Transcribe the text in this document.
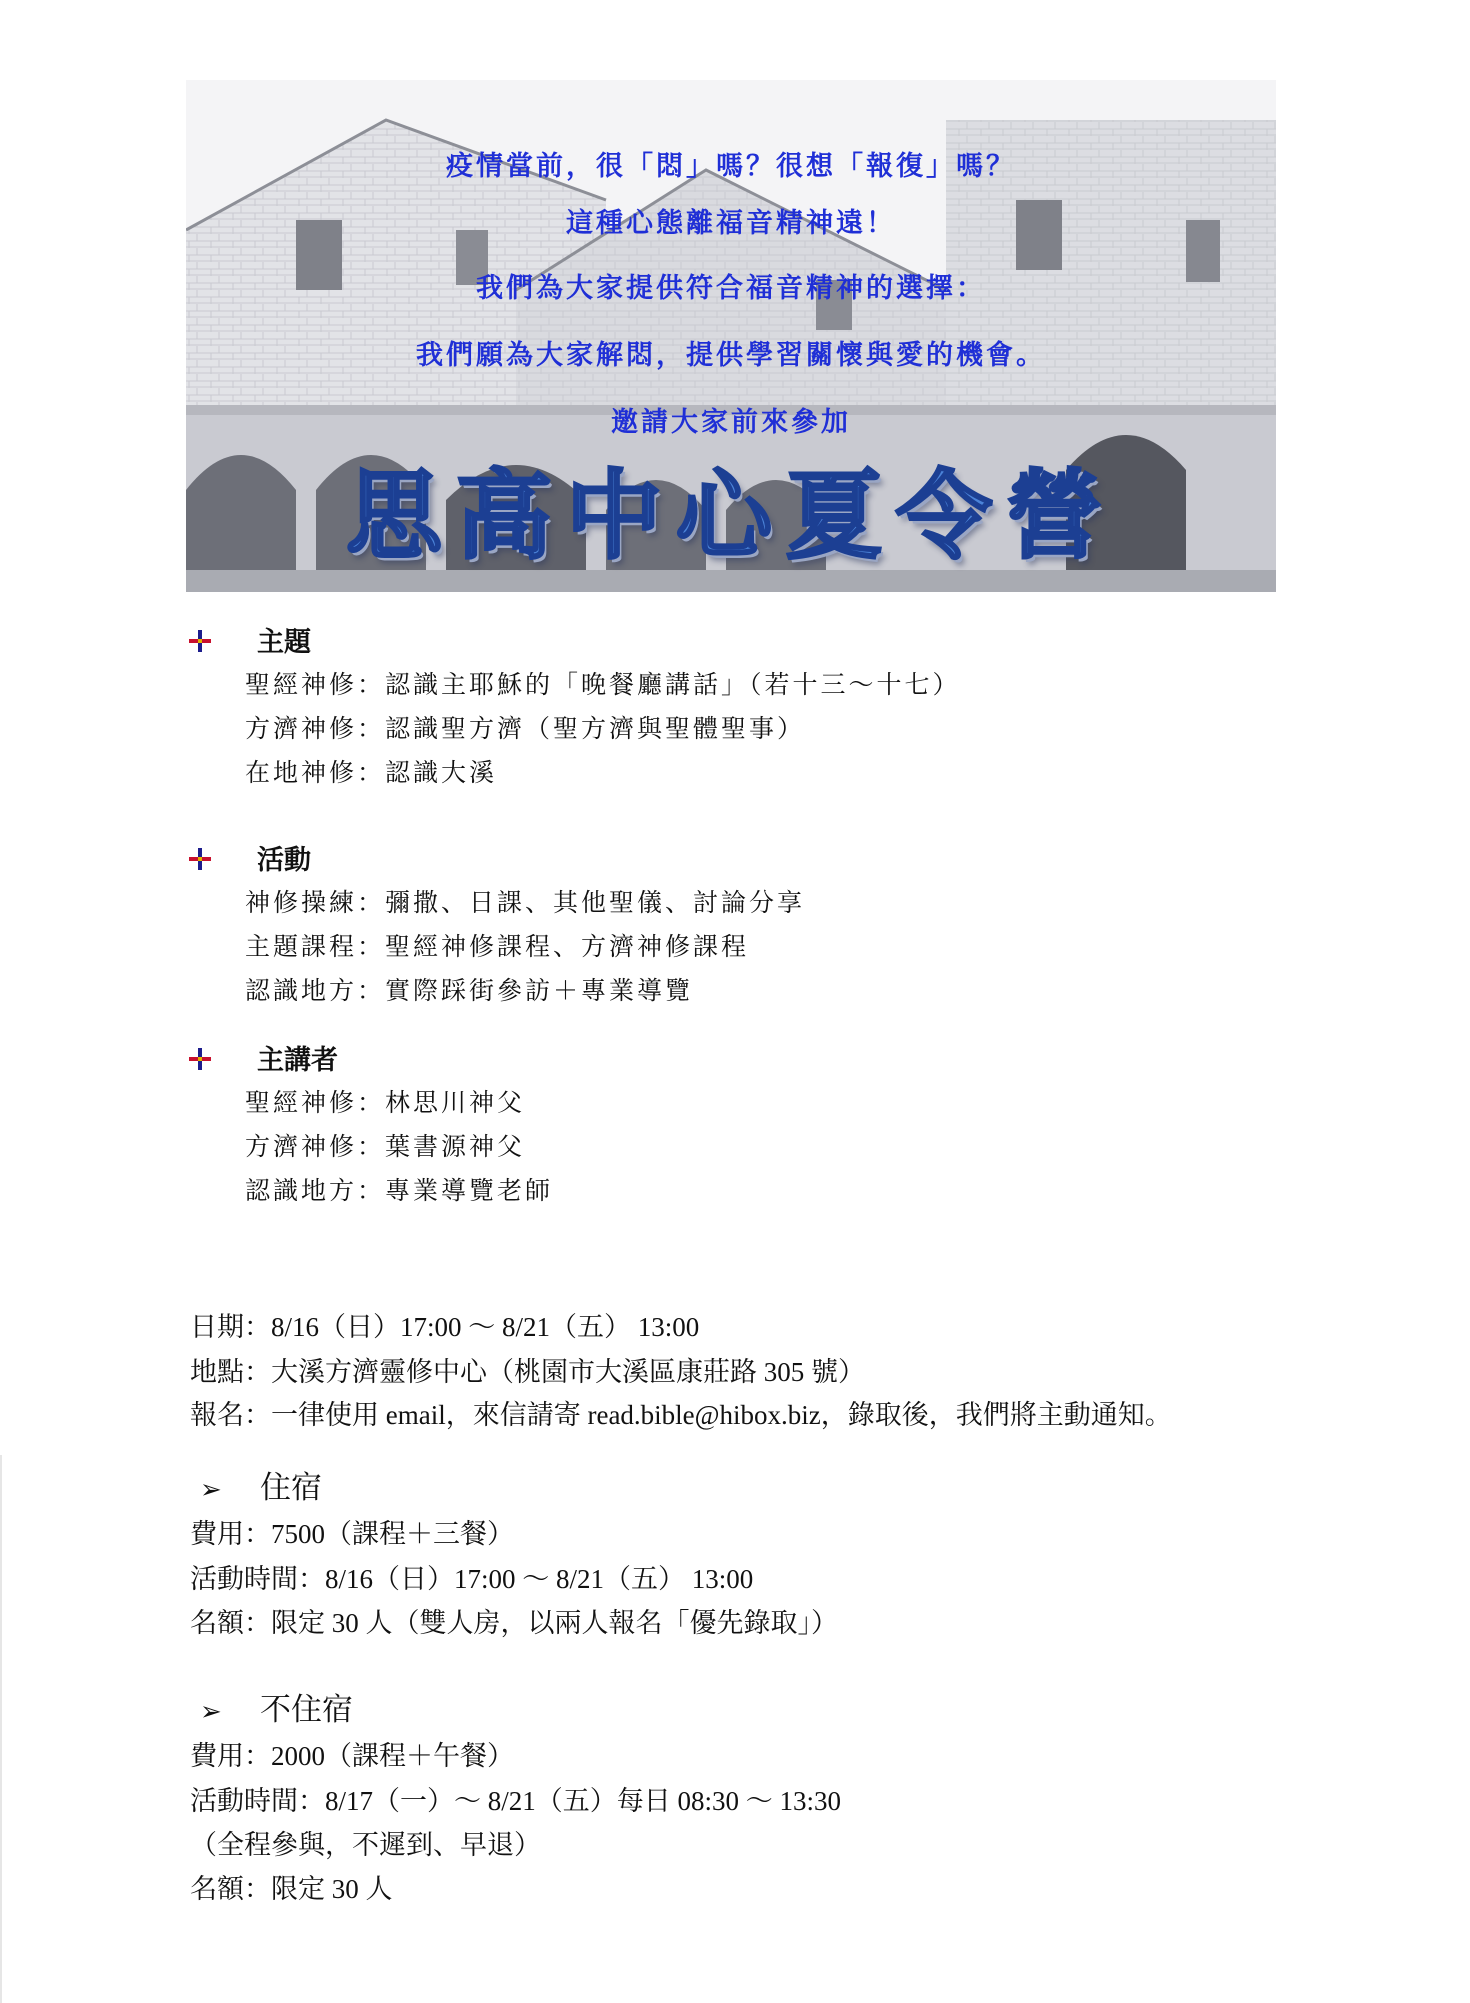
疫情當前，很「悶」嗎？很想「報復」嗎？
這種心態離福音精神遠！
我們為大家提供符合福音精神的選擇：
我們願為大家解悶，提供學習關懷與愛的機會。
邀請大家前來參加
思高中心夏令營
主題
聖經神修：認識主耶穌的「晚餐廳講話」（若十三～十七）
方濟神修：認識聖方濟（聖方濟與聖體聖事）
在地神修：認識大溪
活動
神修操練：彌撒、日課、其他聖儀、討論分享
主題課程：聖經神修課程、方濟神修課程
認識地方：實際踩街參訪＋專業導覽
主講者
聖經神修：林思川神父
方濟神修：葉書源神父
認識地方：專業導覽老師
日期：8/16（日）17:00 ～ 8/21（五） 13:00
地點：大溪方濟靈修中心（桃園市大溪區康莊路 305 號）
報名：一律使用 email，來信請寄 read.bible@hibox.biz，錄取後，我們將主動通知。
➢ 住宿
費用：7500（課程＋三餐）
活動時間：8/16（日）17:00 ～ 8/21（五） 13:00
名額：限定 30 人（雙人房，以兩人報名「優先錄取」）
➢ 不住宿
費用：2000（課程＋午餐）
活動時間：8/17（一）～ 8/21（五）每日 08:30 ～ 13:30
（全程參與，不遲到、早退）
名額：限定 30 人
